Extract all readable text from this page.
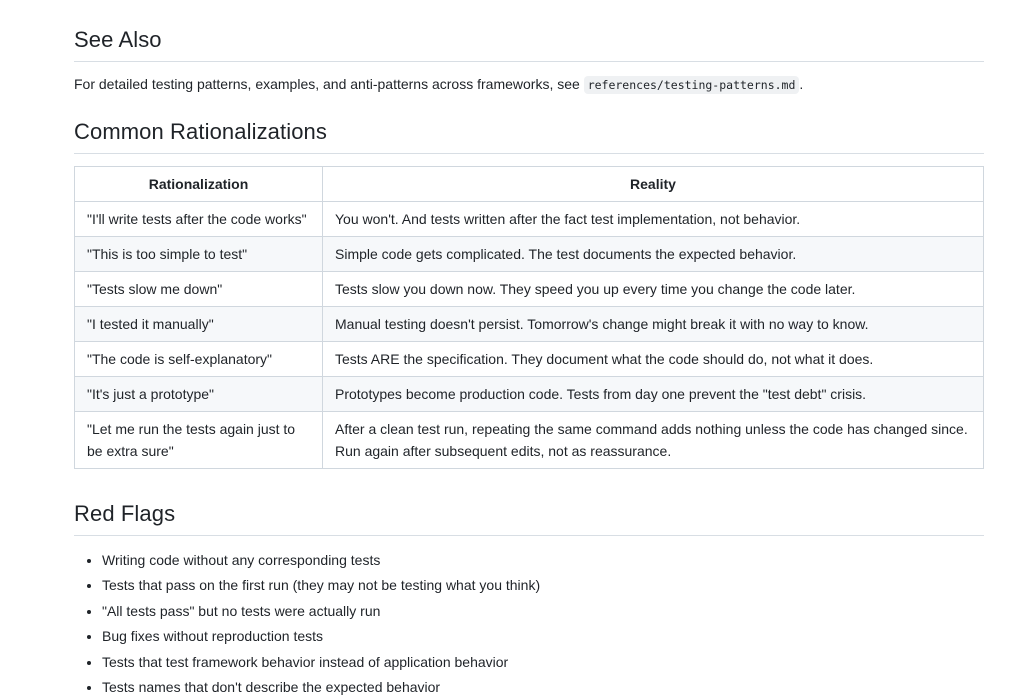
See Also
For detailed testing patterns, examples, and anti-patterns across frameworks, see references/testing-patterns.md .
Common Rationalizations
Rationalization	Reality
"I'll write tests after the code works"	You won't. And tests written after the fact test implementation, not behavior.
"This is too simple to test"	Simple code gets complicated. The test documents the expected behavior.
"Tests slow me down"	Tests slow you down now. They speed you up every time you change the code later.
"I tested it manually"	Manual testing doesn't persist. Tomorrow's change might break it with no way to know.
"The code is self-explanatory"	Tests ARE the specification. They document what the code should do, not what it does.
"It's just a prototype"	Prototypes become production code. Tests from day one prevent the "test debt" crisis.
"Let me run the tests again just to be extra sure"	After a clean test run, repeating the same command adds nothing unless the code has changed since. Run again after subsequent edits, not as reassurance.
Red Flags
• Writing code without any corresponding tests
• Tests that pass on the first run (they may not be testing what you think)
• "All tests pass" but no tests were actually run
• Bug fixes without reproduction tests
• Tests that test framework behavior instead of application behavior
• Tests names that don't describe the expected behavior
